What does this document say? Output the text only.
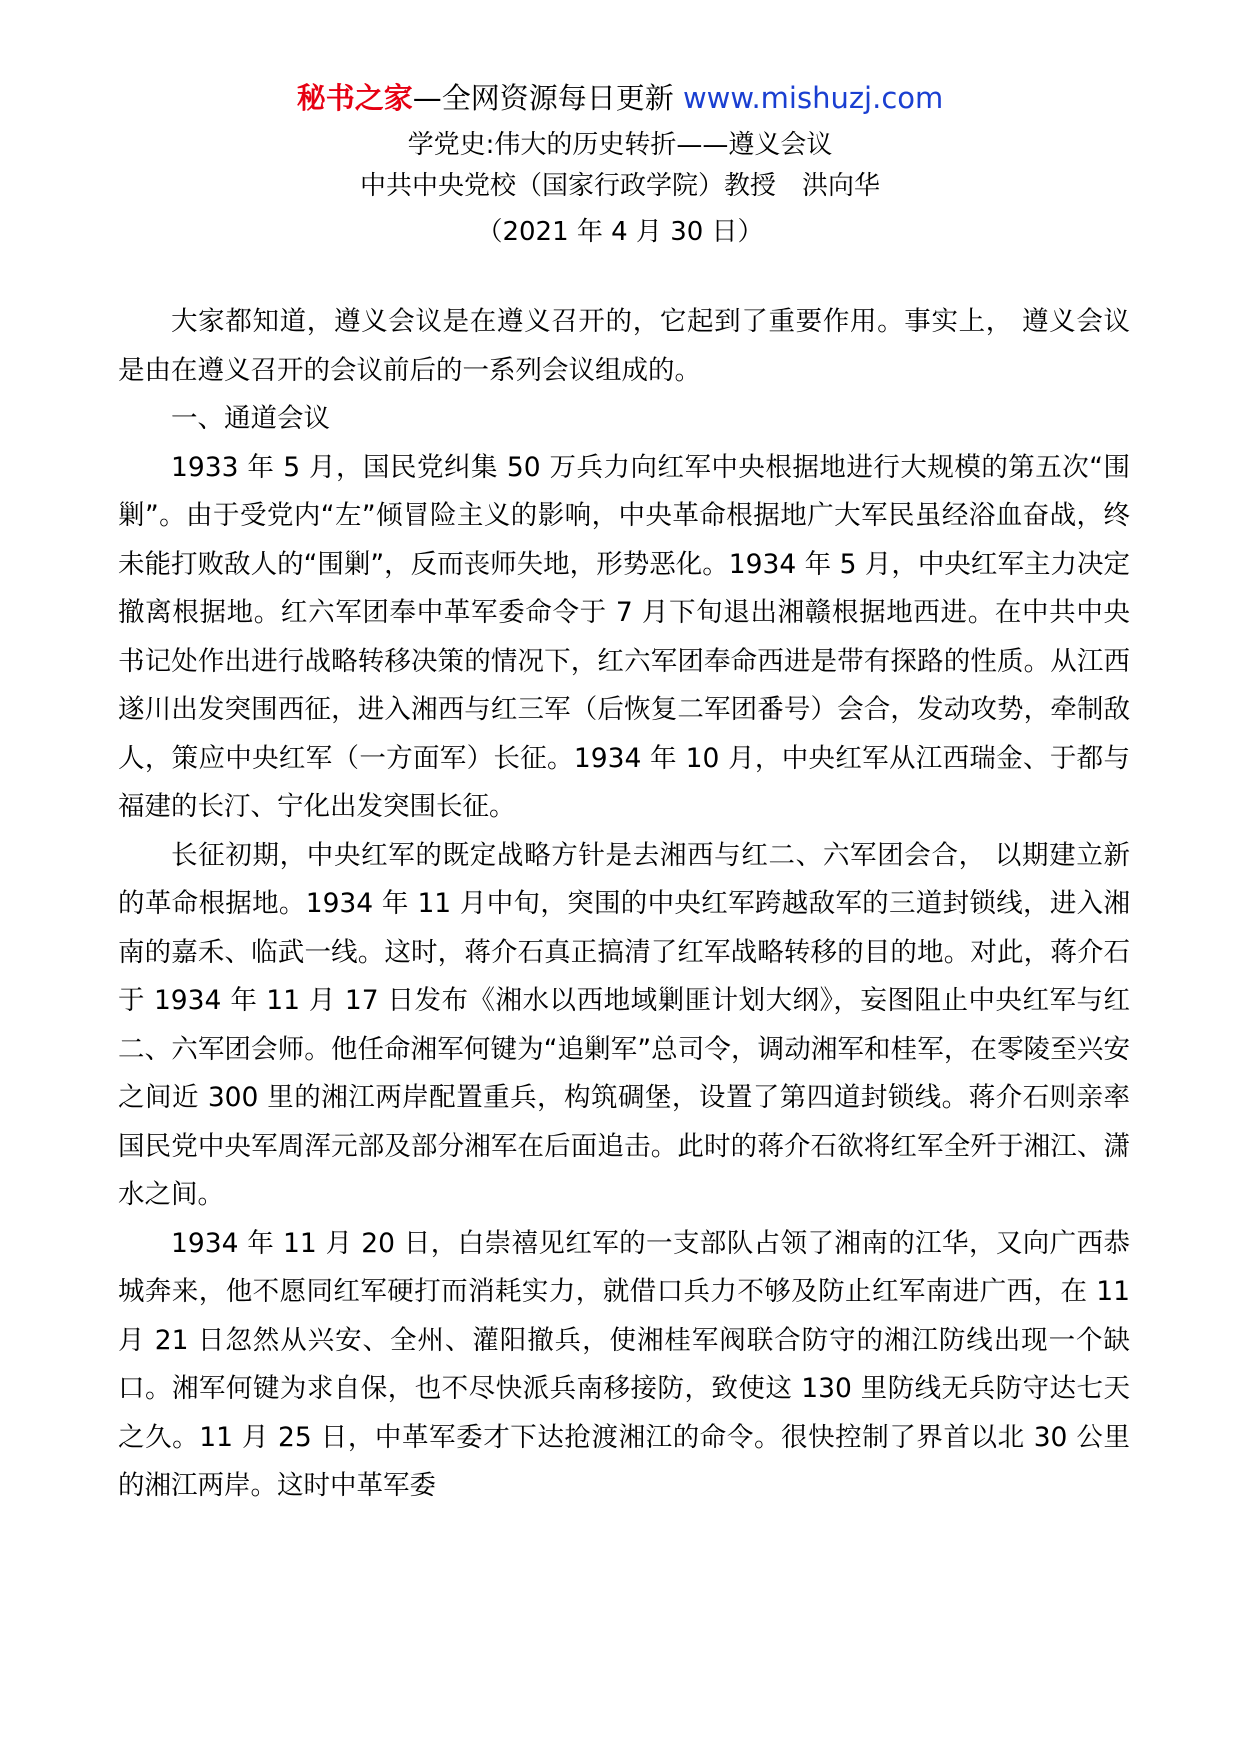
秘书之家—全网资源每日更新 www.mishuzj.com
学党史:伟大的历史转折——遵义会议
中共中央党校（国家行政学院）教授　洪向华
（2021 年 4 月 30 日）

大家都知道，遵义会议是在遵义召开的，它起到了重要作用。事实上， 遵义会议是由在遵义召开的会议前后的一系列会议组成的。

一、通道会议

1933 年 5 月，国民党纠集 50 万兵力向红军中央根据地进行大规模的第五次“围剿”。由于受党内“左”倾冒险主义的影响，中央革命根据地广大军民虽经浴血奋战，终未能打败敌人的“围剿”，反而丧师失地，形势恶化。1934 年 5 月，中央红军主力决定撤离根据地。红六军团奉中革军委命令于 7 月下旬退出湘赣根据地西进。在中共中央书记处作出进行战略转移决策的情况下，红六军团奉命西进是带有探路的性质。从江西遂川出发突围西征，进入湘西与红三军（后恢复二军团番号）会合，发动攻势，牵制敌人，策应中央红军（一方面军）长征。1934 年 10 月，中央红军从江西瑞金、于都与福建的长汀、宁化出发突围长征。

长征初期，中央红军的既定战略方针是去湘西与红二、六军团会合， 以期建立新的革命根据地。1934 年 11 月中旬，突围的中央红军跨越敌军的三道封锁线，进入湘南的嘉禾、临武一线。这时，蒋介石真正搞清了红军战略转移的目的地。对此，蒋介石于 1934 年 11 月 17 日发布《湘水以西地域剿匪计划大纲》，妄图阻止中央红军与红二、六军团会师。他任命湘军何键为“追剿军”总司令，调动湘军和桂军，在零陵至兴安之间近 300 里的湘江两岸配置重兵，构筑碉堡，设置了第四道封锁线。蒋介石则亲率国民党中央军周浑元部及部分湘军在后面追击。此时的蒋介石欲将红军全歼于湘江、潇水之间。

1934 年 11 月 20 日，白崇禧见红军的一支部队占领了湘南的江华，又向广西恭城奔来，他不愿同红军硬打而消耗实力，就借口兵力不够及防止红军南进广西，在 11 月 21 日忽然从兴安、全州、灌阳撤兵，使湘桂军阀联合防守的湘江防线出现一个缺口。湘军何键为求自保，也不尽快派兵南移接防，致使这 130 里防线无兵防守达七天之久。11 月 25 日，中革军委才下达抢渡湘江的命令。很快控制了界首以北 30 公里的湘江两岸。这时中革军委
